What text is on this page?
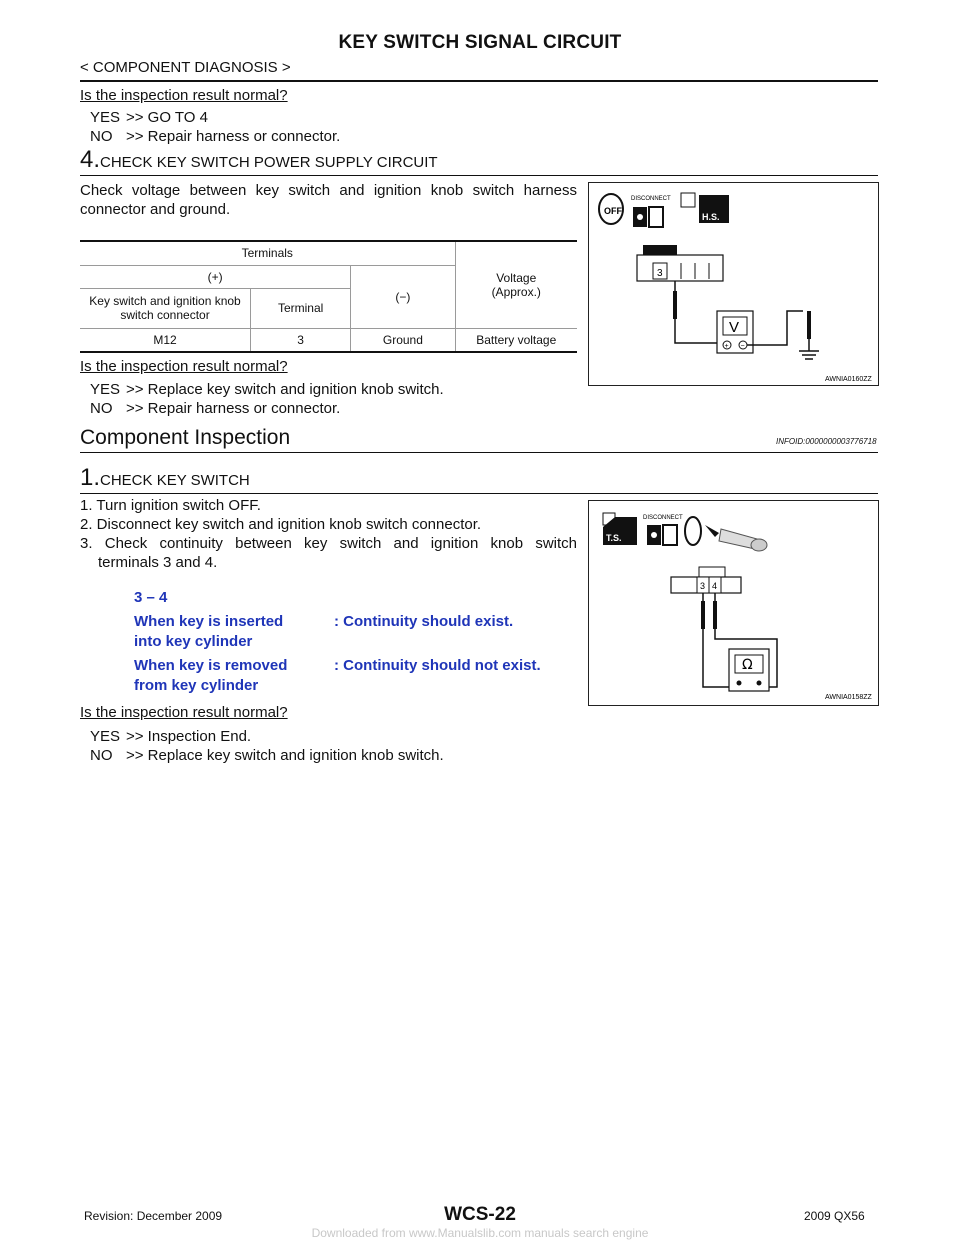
KEY SWITCH SIGNAL CIRCUIT
< COMPONENT DIAGNOSIS >
Is the inspection result normal?
YES >> GO TO 4
NO >> Repair harness or connector.
4.CHECK KEY SWITCH POWER SUPPLY CIRCUIT
Check voltage between key switch and ignition knob switch harness connector and ground.
Terminals			Voltage
(Approx.)
(+)		(−)	
Key switch and ignition knob switch connector	Terminal		
M12	3	Ground	Battery voltage
Is the inspection result normal?
YES >> Replace key switch and ignition knob switch.
NO >> Repair harness or connector.
OFF
DISCONNECT
H.S.
3
V
+ −
AWNIA0160ZZ
Component Inspection	INFOID:0000000003776718
1.CHECK KEY SWITCH
1. Turn ignition switch OFF.
2. Disconnect key switch and ignition knob switch connector.
3. Check continuity between key switch and ignition knob switch
terminals 3 and 4.
3 – 4
When key is inserted
into key cylinder
: Continuity should exist.
When key is removed
from key cylinder
: Continuity should not exist.
Is the inspection result normal?
YES >> Inspection End.
NO >> Replace key switch and ignition knob switch.
T.S.
DISCONNECT
3 4
Ω
AWNIA0158ZZ
Revision: December 2009	WCS-22	2009 QX56
Downloaded from www.Manualslib.com manuals search engine
